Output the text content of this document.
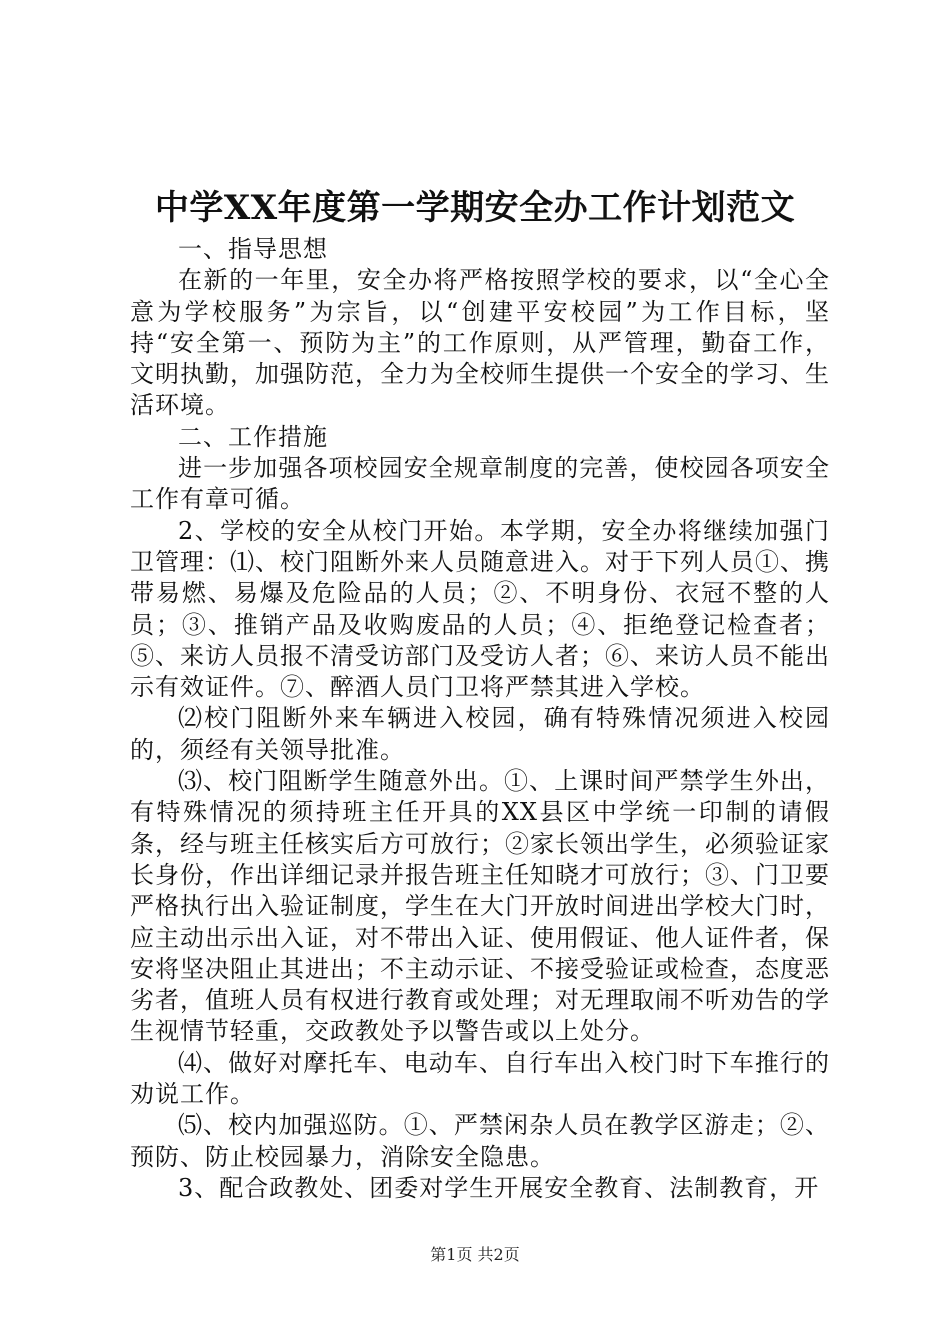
中学XX年度第一学期安全办工作计划范文

一、指导思想

在新的一年里，安全办将严格按照学校的要求，以“全心全意为学校服务”为宗旨，以“创建平安校园”为工作目标，坚持“安全第一、预防为主”的工作原则，从严管理，勤奋工作，文明执勤，加强防范，全力为全校师生提供一个安全的学习、生活环境。

二、工作措施

进一步加强各项校园安全规章制度的完善，使校园各项安全工作有章可循。

2、学校的安全从校门开始。本学期，安全办将继续加强门卫管理：⑴、校门阻断外来人员随意进入。对于下列人员①、携带易燃、易爆及危险品的人员；②、不明身份、衣冠不整的人员；③、推销产品及收购废品的人员；④、拒绝登记检查者；⑤、来访人员报不清受访部门及受访人者；⑥、来访人员不能出示有效证件。⑦、醉酒人员门卫将严禁其进入学校。

⑵校门阻断外来车辆进入校园，确有特殊情况须进入校园的，须经有关领导批准。

⑶、校门阻断学生随意外出。①、上课时间严禁学生外出，有特殊情况的须持班主任开具的XX县区中学统一印制的请假条，经与班主任核实后方可放行；②家长领出学生，必须验证家长身份，作出详细记录并报告班主任知晓才可放行；③、门卫要严格执行出入验证制度，学生在大门开放时间进出学校大门时，应主动出示出入证，对不带出入证、使用假证、他人证件者，保安将坚决阻止其进出；不主动示证、不接受验证或检查，态度恶劣者，值班人员有权进行教育或处理；对无理取闹不听劝告的学生视情节轻重，交政教处予以警告或以上处分。

⑷、做好对摩托车、电动车、自行车出入校门时下车推行的劝说工作。

⑸、校内加强巡防。①、严禁闲杂人员在教学区游走；②、预防、防止校园暴力，消除安全隐患。

3、配合政教处、团委对学生开展安全教育、法制教育，开

第1页 共2页
